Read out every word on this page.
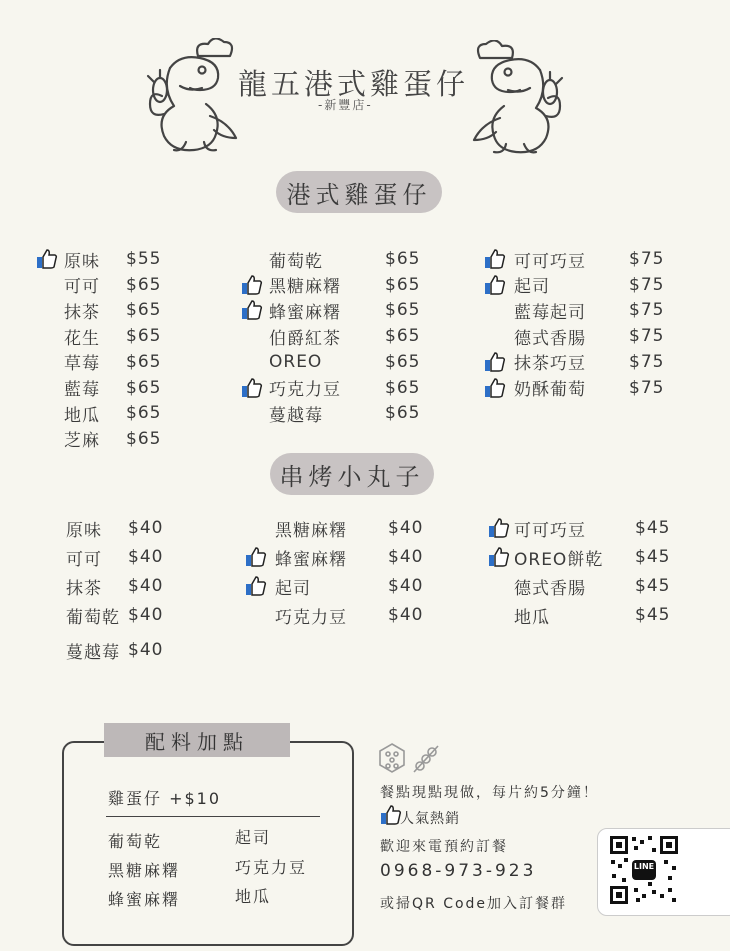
龍五港式雞蛋仔
-新豐店-
港式雞蛋仔
原味 $55
可可 $65
抹茶 $65
花生 $65
草莓 $65
藍莓 $65
地瓜 $65
芝麻 $65
葡萄乾	$65
黑糖麻糬	$65
蜂蜜麻糬	$65
伯爵紅茶	$65
OREO	$65
巧克力豆	$65
蔓越莓	$65
可可巧豆	$75
起司	$75
藍莓起司	$75
德式香腸	$75
抹茶巧豆	$75
奶酥葡萄	$75
串烤小丸子
原味 $40
可可 $40
抹茶 $40
葡萄乾 $40
蔓越莓 $40
黑糖麻糬 $40
蜂蜜麻糬 $40
起司	$40
巧克力豆 $40
可可巧豆	$45
OREO餅乾 $45
德式香腸	$45
地瓜	$45
配料加點
雞蛋仔 +$10
葡萄乾
黑糖麻糬
蜂蜜麻糬
起司
巧克力豆
地瓜
餐點現點現做，每片約5分鐘！
人氣熱銷
歡迎來電預約訂餐
0968-973-923
或掃QR Code加入訂餐群
LINE
